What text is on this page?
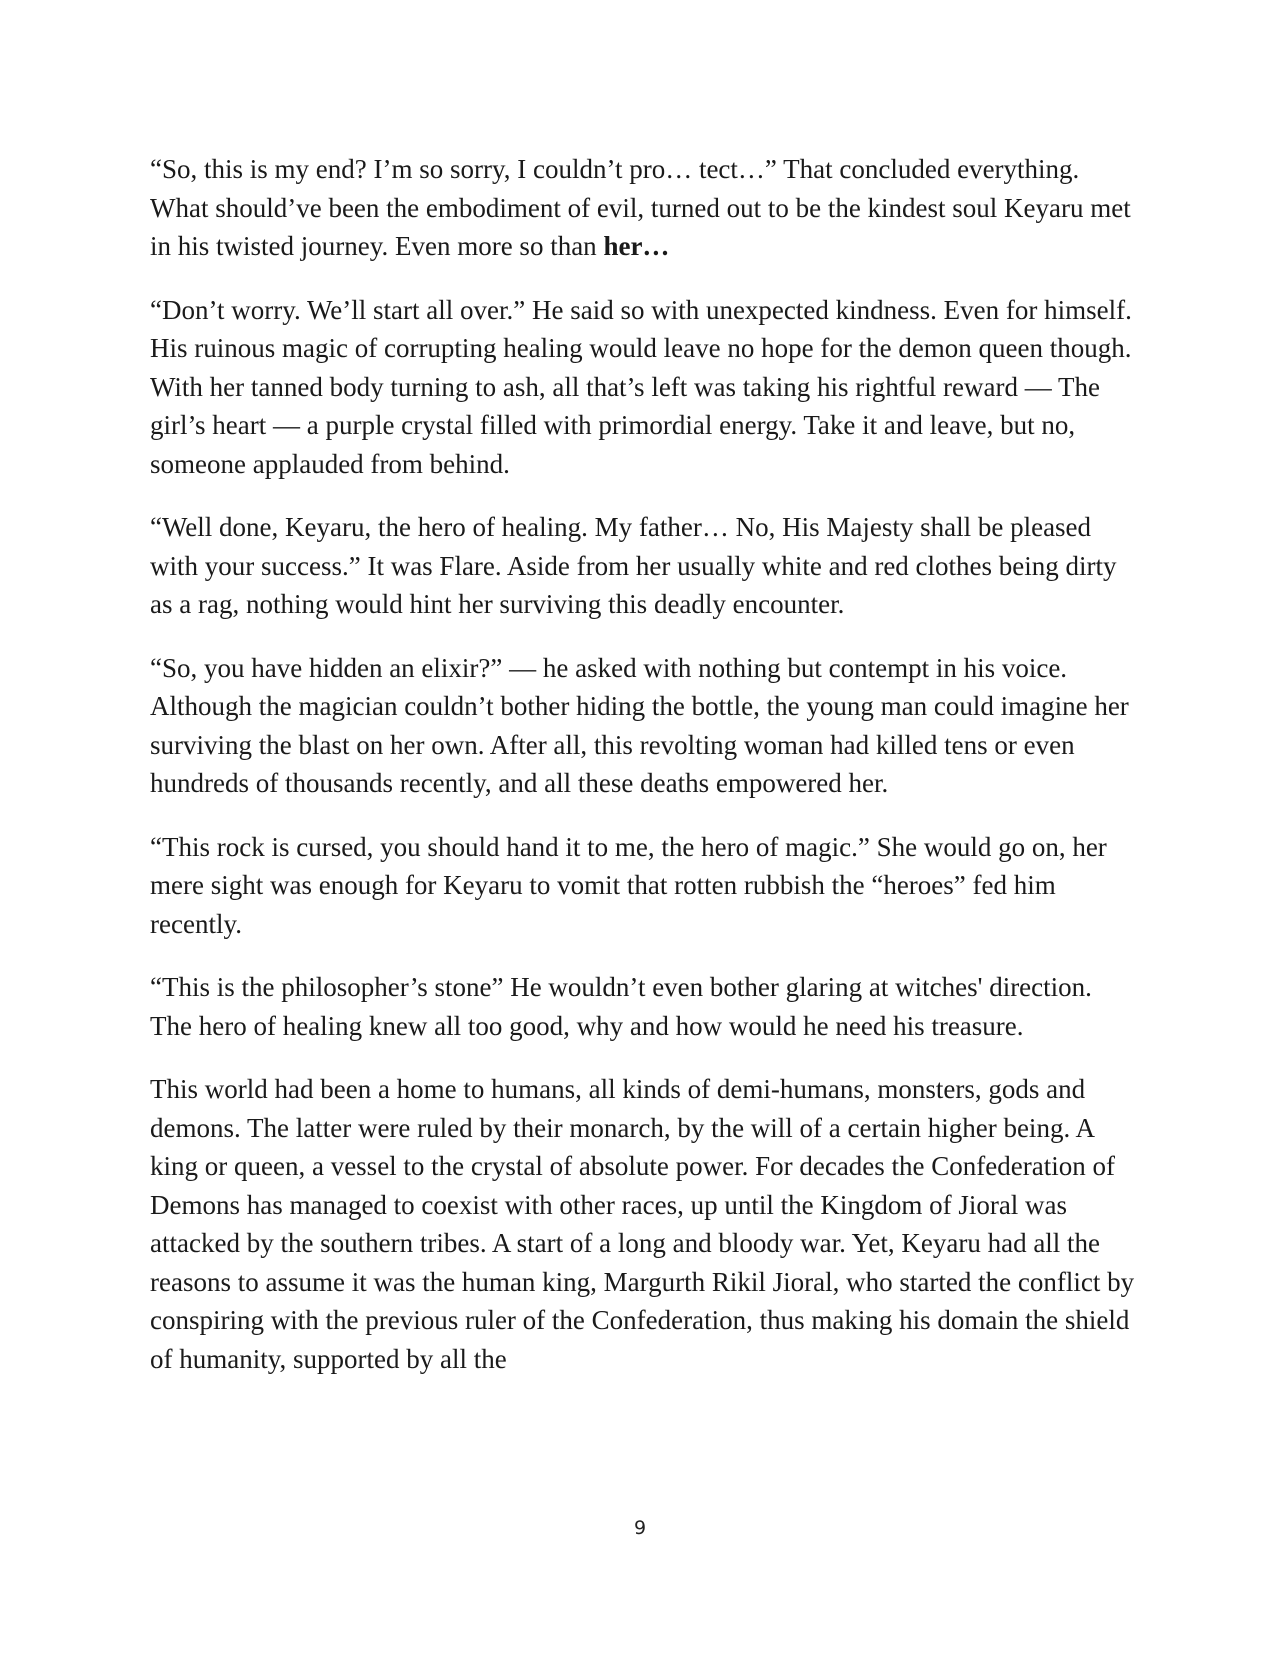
“So, this is my end? I’m so sorry, I couldn’t pro… tect…” That concluded everything. What should’ve been the embodiment of evil, turned out to be the kindest soul Keyaru met in his twisted journey. Even more so than her…

“Don’t worry. We’ll start all over.” He said so with unexpected kindness. Even for himself. His ruinous magic of corrupting healing would leave no hope for the demon queen though. With her tanned body turning to ash, all that’s left was taking his rightful reward — The girl’s heart — a purple crystal filled with primordial energy. Take it and leave, but no, someone applauded from behind.

“Well done, Keyaru, the hero of healing. My father… No, His Majesty shall be pleased with your success.” It was Flare. Aside from her usually white and red clothes being dirty as a rag, nothing would hint her surviving this deadly encounter.

“So, you have hidden an elixir?” — he asked with nothing but contempt in his voice. Although the magician couldn’t bother hiding the bottle, the young man could imagine her surviving the blast on her own. After all, this revolting woman had killed tens or even hundreds of thousands recently, and all these deaths empowered her.

“This rock is cursed, you should hand it to me, the hero of magic.” She would go on, her mere sight was enough for Keyaru to vomit that rotten rubbish the “heroes” fed him recently.

“This is the philosopher’s stone” He wouldn’t even bother glaring at witches' direction. The hero of healing knew all too good, why and how would he need his treasure.

This world had been a home to humans, all kinds of demi-humans, monsters, gods and demons. The latter were ruled by their monarch, by the will of a certain higher being. A king or queen, a vessel to the crystal of absolute power. For decades the Confederation of Demons has managed to coexist with other races, up until the Kingdom of Jioral was attacked by the southern tribes. A start of a long and bloody war. Yet, Keyaru had all the reasons to assume it was the human king, Margurth Rikil Jioral, who started the conflict by conspiring with the previous ruler of the Confederation, thus making his domain the shield of humanity, supported by all the

9
